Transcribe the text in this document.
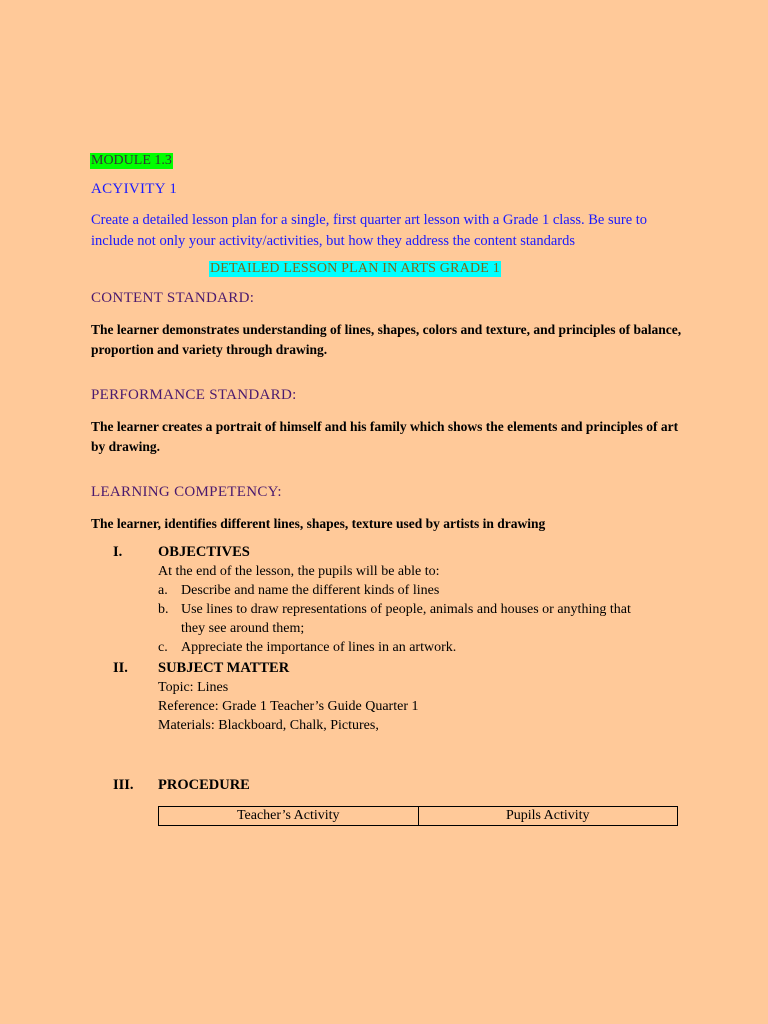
MODULE 1.3
ACYIVITY 1
Create a detailed lesson plan for a single, first quarter art lesson with a Grade 1 class. Be sure to include not only your activity/activities, but how they address the content standards
DETAILED LESSON PLAN IN ARTS GRADE 1
CONTENT STANDARD:
The learner demonstrates understanding of lines, shapes, colors and texture, and principles of balance, proportion and variety through drawing.
PERFORMANCE STANDARD:
The learner creates a portrait of himself and his family which shows the elements and principles of art by drawing.
LEARNING COMPETENCY:
The learner, identifies different lines, shapes, texture used by artists in drawing
I. OBJECTIVES
At the end of the lesson, the pupils will be able to:
a. Describe and name the different kinds of lines
b. Use lines to draw representations of people, animals and houses or anything that
they see around them;
c. Appreciate the importance of lines in an artwork.
II. SUBJECT MATTER
Topic: Lines
Reference: Grade 1 Teacher’s Guide Quarter 1
Materials: Blackboard, Chalk, Pictures,
III. PROCEDURE
Teacher’s Activity	Pupils Activity
